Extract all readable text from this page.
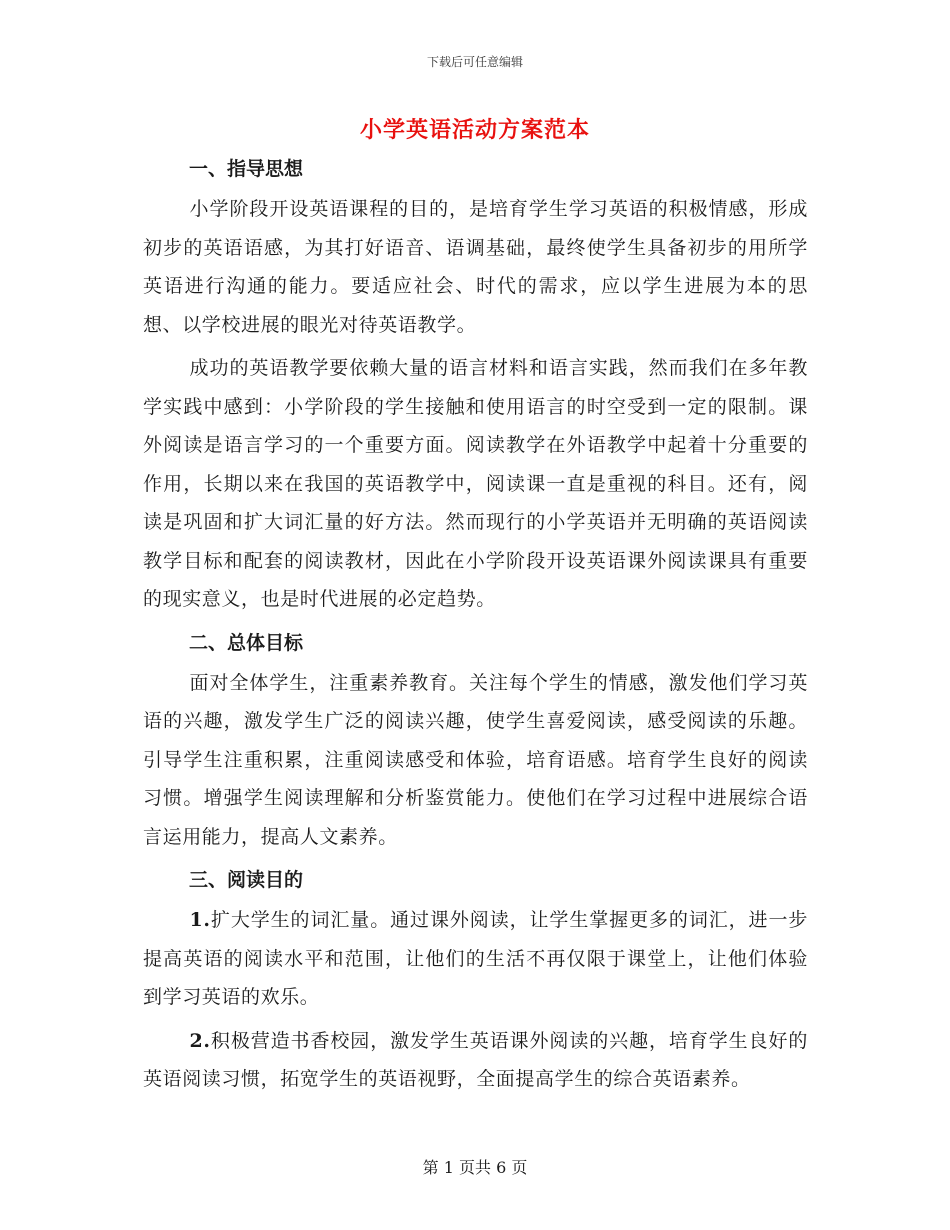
下载后可任意编辑
小学英语活动方案范本
一、指导思想
小学阶段开设英语课程的目的，是培育学生学习英语的积极情感，形成初步的英语语感，为其打好语音、语调基础，最终使学生具备初步的用所学英语进行沟通的能力。要适应社会、时代的需求，应以学生进展为本的思想、以学校进展的眼光对待英语教学。
成功的英语教学要依赖大量的语言材料和语言实践，然而我们在多年教学实践中感到：小学阶段的学生接触和使用语言的时空受到一定的限制。课外阅读是语言学习的一个重要方面。阅读教学在外语教学中起着十分重要的作用，长期以来在我国的英语教学中，阅读课一直是重视的科目。还有，阅读是巩固和扩大词汇量的好方法。然而现行的小学英语并无明确的英语阅读教学目标和配套的阅读教材，因此在小学阶段开设英语课外阅读课具有重要的现实意义，也是时代进展的必定趋势。
二、总体目标
面对全体学生，注重素养教育。关注每个学生的情感，激发他们学习英语的兴趣，激发学生广泛的阅读兴趣，使学生喜爱阅读，感受阅读的乐趣。引导学生注重积累，注重阅读感受和体验，培育语感。培育学生良好的阅读习惯。增强学生阅读理解和分析鉴赏能力。使他们在学习过程中进展综合语言运用能力，提高人文素养。
三、阅读目的
1.扩大学生的词汇量。通过课外阅读，让学生掌握更多的词汇，进一步提高英语的阅读水平和范围，让他们的生活不再仅限于课堂上，让他们体验到学习英语的欢乐。
2.积极营造书香校园，激发学生英语课外阅读的兴趣，培育学生良好的英语阅读习惯，拓宽学生的英语视野，全面提高学生的综合英语素养。
第 1 页共 6 页
